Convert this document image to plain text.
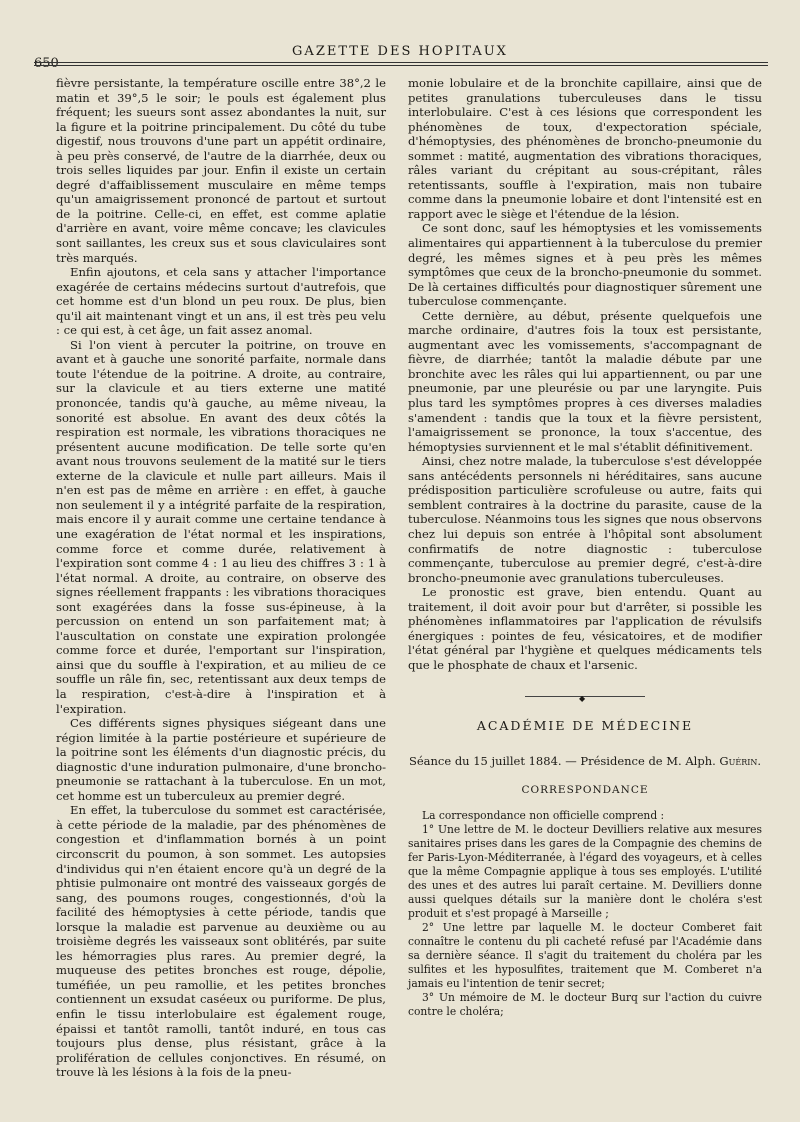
650
GAZETTE DES HOPITAUX

fièvre persistante, la température oscille entre 38°,2 le matin et 39°,5 le soir; le pouls est également plus fréquent; les sueurs sont assez abondantes la nuit, sur la figure et la poitrine principalement. Du côté du tube digestif, nous trouvons d'une part un appétit ordinaire, à peu près conservé, de l'autre de la diarrhée, deux ou trois selles liquides par jour. Enfin il existe un certain degré d'affaiblissement musculaire en même temps qu'un amaigrissement prononcé de partout et surtout de la poitrine. Celle-ci, en effet, est comme aplatie d'arrière en avant, voire même concave; les clavicules sont saillantes, les creux sus et sous claviculaires sont très marqués.

Enfin ajoutons, et cela sans y attacher l'importance exagérée de certains médecins surtout d'autrefois, que cet homme est d'un blond un peu roux. De plus, bien qu'il ait maintenant vingt et un ans, il est très peu velu : ce qui est, à cet âge, un fait assez anomal.

Si l'on vient à percuter la poitrine, on trouve en avant et à gauche une sonorité parfaite, normale dans toute l'étendue de la poitrine. A droite, au contraire, sur la clavicule et au tiers externe une matité prononcée, tandis qu'à gauche, au même niveau, la sonorité est absolue. En avant des deux côtés la respiration est normale, les vibrations thoraciques ne présentent aucune modification. De telle sorte qu'en avant nous trouvons seulement de la matité sur le tiers externe de la clavicule et nulle part ailleurs. Mais il n'en est pas de même en arrière : en effet, à gauche non seulement il y a intégrité parfaite de la respiration, mais encore il y aurait comme une certaine tendance à une exagération de l'état normal et les inspirations, comme force et comme durée, relativement à l'expiration sont comme 4 : 1 au lieu des chiffres 3 : 1 à l'état normal. A droite, au contraire, on observe des signes réellement frappants : les vibrations thoraciques sont exagérées dans la fosse sus-épineuse, à la percussion on entend un son parfaitement mat; à l'auscultation on constate une expiration prolongée comme force et durée, l'emportant sur l'inspiration, ainsi que du souffle à l'expiration, et au milieu de ce souffle un râle fin, sec, retentissant aux deux temps de la respiration, c'est-à-dire à l'inspiration et à l'expiration.

Ces différents signes physiques siégeant dans une région limitée à la partie postérieure et supérieure de la poitrine sont les éléments d'un diagnostic précis, du diagnostic d'une induration pulmonaire, d'une broncho-pneumonie se rattachant à la tuberculose. En un mot, cet homme est un tuberculeux au premier degré.

En effet, la tuberculose du sommet est caractérisée, à cette période de la maladie, par des phénomènes de congestion et d'inflammation bornés à un point circonscrit du poumon, à son sommet. Les autopsies d'individus qui n'en étaient encore qu'à un degré de la phtisie pulmonaire ont montré des vaisseaux gorgés de sang, des poumons rouges, congestionnés, d'où la facilité des hémoptysies à cette période, tandis que lorsque la maladie est parvenue au deuxième ou au troisième degrés les vaisseaux sont oblitérés, par suite les hémorragies plus rares. Au premier degré, la muqueuse des petites bronches est rouge, dépolie, tuméfiée, un peu ramollie, et les petites bronches contiennent un exsudat caséeux ou puriforme. De plus, enfin le tissu interlobulaire est également rouge, épaissi et tantôt ramolli, tantôt induré, en tous cas toujours plus dense, plus résistant, grâce à la prolifération de cellules conjonctives. En résumé, on trouve là les lésions à la fois de la pneu-

monie lobulaire et de la bronchite capillaire, ainsi que de petites granulations tuberculeuses dans le tissu interlobulaire. C'est à ces lésions que correspondent les phénomènes de toux, d'expectoration spéciale, d'hémoptysies, des phénomènes de broncho-pneumonie du sommet : matité, augmentation des vibrations thoraciques, râles variant du crépitant au sous-crépitant, râles retentissants, souffle à l'expiration, mais non tubaire comme dans la pneumonie lobaire et dont l'intensité est en rapport avec le siège et l'étendue de la lésion.

Ce sont donc, sauf les hémoptysies et les vomissements alimentaires qui appartiennent à la tuberculose du premier degré, les mêmes signes et à peu près les mêmes symptômes que ceux de la broncho-pneumonie du sommet. De là certaines difficultés pour diagnostiquer sûrement une tuberculose commençante.

Cette dernière, au début, présente quelquefois une marche ordinaire, d'autres fois la toux est persistante, augmentant avec les vomissements, s'accompagnant de fièvre, de diarrhée; tantôt la maladie débute par une bronchite avec les râles qui lui appartiennent, ou par une pneumonie, par une pleurésie ou par une laryngite. Puis plus tard les symptômes propres à ces diverses maladies s'amendent : tandis que la toux et la fièvre persistent, l'amaigrissement se prononce, la toux s'accentue, des hémoptysies surviennent et le mal s'établit définitivement.

Ainsi, chez notre malade, la tuberculose s'est développée sans antécédents personnels ni héréditaires, sans aucune prédisposition particulière scrofuleuse ou autre, faits qui semblent contraires à la doctrine du parasite, cause de la tuberculose. Néanmoins tous les signes que nous observons chez lui depuis son entrée à l'hôpital sont absolument confirmatifs de notre diagnostic : tuberculose commençante, tuberculose au premier degré, c'est-à-dire broncho-pneumonie avec granulations tuberculeuses.

Le pronostic est grave, bien entendu. Quant au traitement, il doit avoir pour but d'arrêter, si possible les phénomènes inflammatoires par l'application de révulsifs énergiques : pointes de feu, vésicatoires, et de modifier l'état général par l'hygiène et quelques médicaments tels que le phosphate de chaux et l'arsenic.

◆
ACADÉMIE DE MÉDECINE
Séance du 15 juillet 1884. — Présidence de M. Alph. Guérin.
CORRESPONDANCE

La correspondance non officielle comprend :

1° Une lettre de M. le docteur Devilliers relative aux mesures sanitaires prises dans les gares de la Compagnie des chemins de fer Paris-Lyon-Méditerranée, à l'égard des voyageurs, et à celles que la même Compagnie applique à tous ses employés. L'utilité des unes et des autres lui paraît certaine. M. Devilliers donne aussi quelques détails sur la manière dont le choléra s'est produit et s'est propagé à Marseille ;

2° Une lettre par laquelle M. le docteur Comberet fait connaître le contenu du pli cacheté refusé par l'Académie dans sa dernière séance. Il s'agit du traitement du choléra par les sulfites et les hyposulfites, traitement que M. Comberet n'a jamais eu l'intention de tenir secret;

3° Un mémoire de M. le docteur Burq sur l'action du cuivre contre le choléra;
